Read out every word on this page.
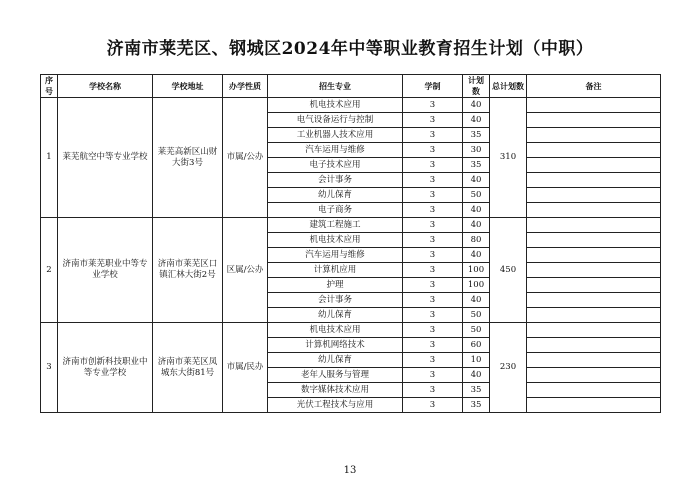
济南市莱芜区、钢城区2024年中等职业教育招生计划（中职）
序号	学校名称	学校地址	办学性质	招生专业	学制	计划数	总计划数	备注
1	莱芜航空中等专业学校	莱芜高新区山财大街3号	市属/公办	机电技术应用	3	40	310	
				电气设备运行与控制	3	40		
				工业机器人技术应用	3	35		
				汽车运用与维修	3	30		
				电子技术应用	3	35		
				会计事务	3	40		
				幼儿保育	3	50		
				电子商务	3	40		
2	济南市莱芜职业中等专业学校	济南市莱芜区口镇汇林大街2号	区属/公办	建筑工程施工	3	40	450	
				机电技术应用	3	80		
				汽车运用与维修	3	40		
				计算机应用	3	100		
				护理	3	100		
				会计事务	3	40		
				幼儿保育	3	50		
3	济南市创新科技职业中等专业学校	济南市莱芜区凤城东大街81号	市属/民办	机电技术应用	3	50	230	
				计算机网络技术	3	60		
				幼儿保育	3	10		
				老年人服务与管理	3	40		
				数字媒体技术应用	3	35		
				光伏工程技术与应用	3	35		
13
